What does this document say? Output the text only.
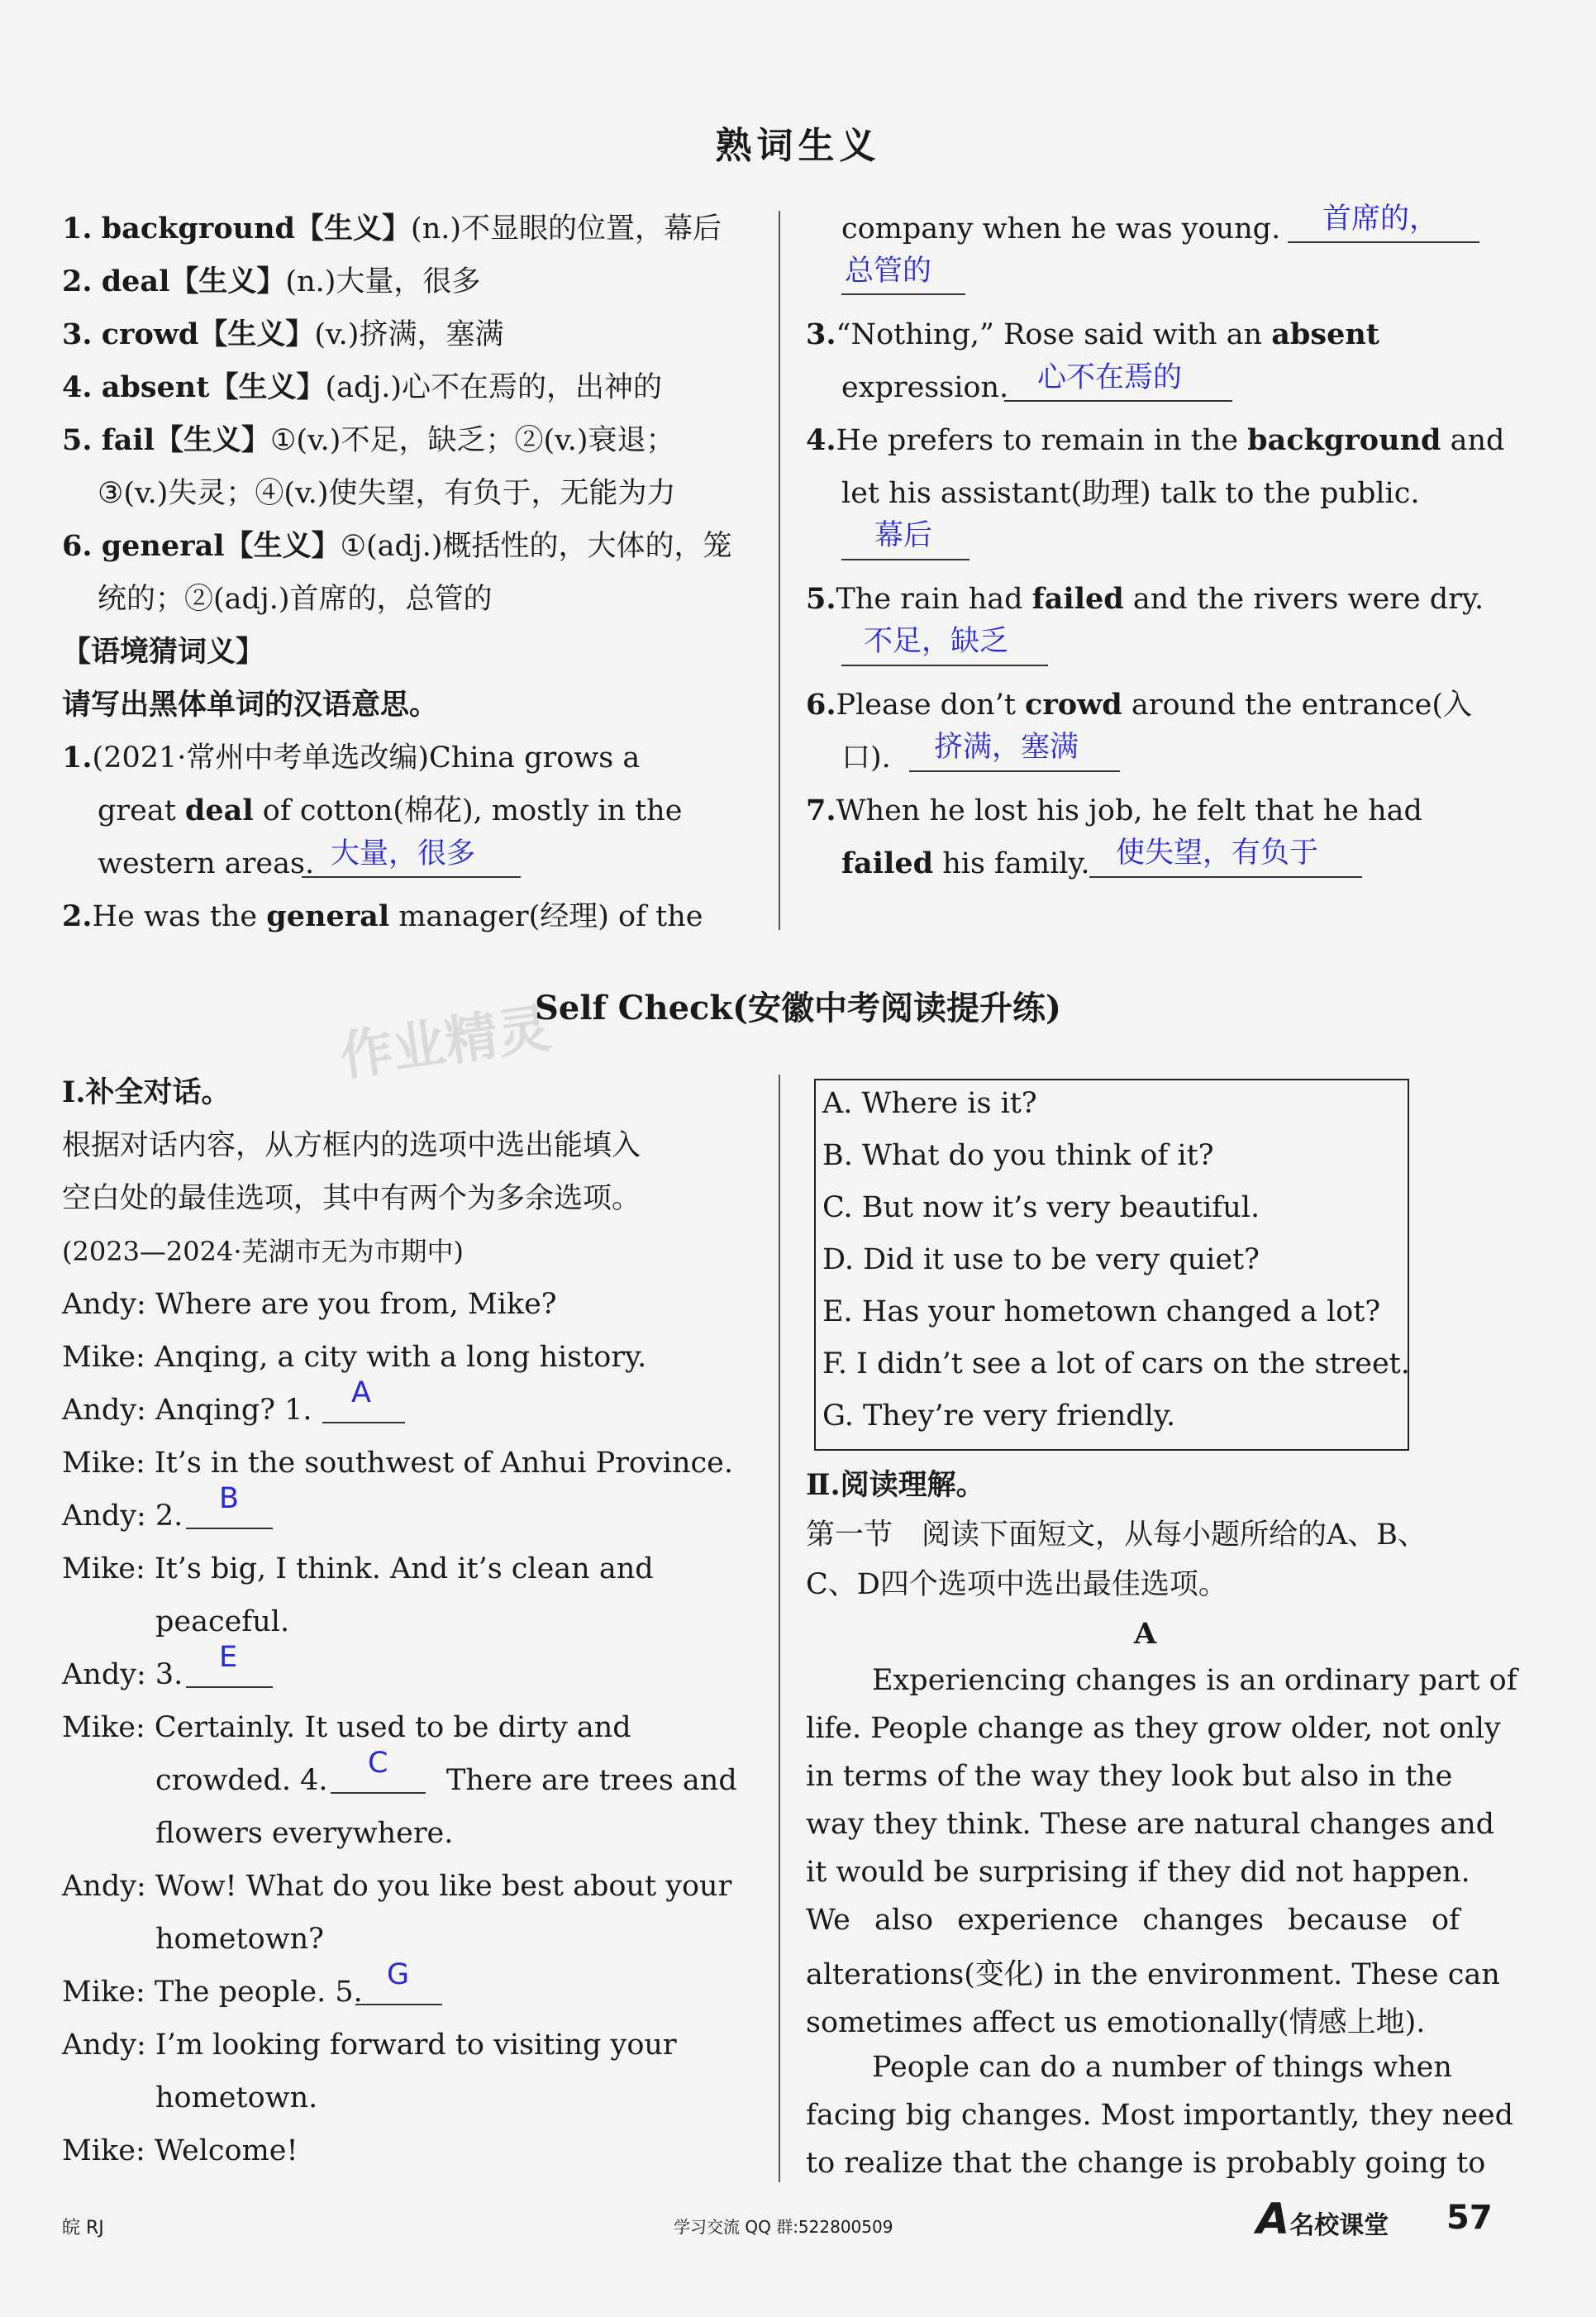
熟词生义
1. background【生义】(n.)不显眼的位置，幕后
2. deal【生义】(n.)大量，很多
3. crowd【生义】(v.)挤满，塞满
4. absent【生义】(adj.)心不在焉的，出神的
5. fail【生义】①(v.)不足，缺乏；②(v.)衰退；
③(v.)失灵；④(v.)使失望，有负于，无能为力
6. general【生义】①(adj.)概括性的，大体的，笼
统的；②(adj.)首席的，总管的
【语境猜词义】
请写出黑体单词的汉语意思。
1.(2021·常州中考单选改编)China grows a
great deal of cotton(棉花), mostly in the
western areas. 大量，很多
2.He was the general manager(经理) of the
company when he was young. 首席的，
总管的
3.“Nothing,” Rose said with an absent
expression. 心不在焉的
4.He prefers to remain in the background and
let his assistant(助理) talk to the public.
幕后
5.The rain had failed and the rivers were dry.
不足，缺乏
6.Please don’t crowd around the entrance(入
口). 挤满，塞满
7.When he lost his job, he felt that he had
failed his family. 使失望，有负于
作业精灵
Self Check(安徽中考阅读提升练)
Ⅰ.补全对话。
根据对话内容，从方框内的选项中选出能填入
空白处的最佳选项，其中有两个为多余选项。
(2023—2024·芜湖市无为市期中)
Andy: Where are you from, Mike?
Mike: Anqing, a city with a long history.
Andy: Anqing? 1.
A
Mike: It’s in the southwest of Anhui Province.
Andy: 2.
B
Mike: It’s big, I think. And it’s clean and
peaceful.
Andy: 3.
E
Mike: Certainly. It used to be dirty and
crowded. 4.
C
There are trees and
flowers everywhere.
Andy: Wow! What do you like best about your
hometown?
Mike: The people. 5.
G
Andy: I’m looking forward to visiting your
hometown.
Mike: Welcome!
A. Where is it?
B. What do you think of it?
C. But now it’s very beautiful.
D. Did it use to be very quiet?
E. Has your hometown changed a lot?
F. I didn’t see a lot of cars on the street.
G. They’re very friendly.
Ⅱ.阅读理解。
第一节　阅读下面短文，从每小题所给的A、B、
C、D四个选项中选出最佳选项。
A
Experiencing changes is an ordinary part of
life. People change as they grow older, not only
in terms of the way they look but also in the
way they think. These are natural changes and
it would be surprising if they did not happen.
We also experience changes because of
alterations(变化) in the environment. These can
sometimes affect us emotionally(情感上地).
People can do a number of things when
facing big changes. Most importantly, they need
to realize that the change is probably going to
皖 RJ	学习交流 QQ 群:522800509	A名校课堂 57
